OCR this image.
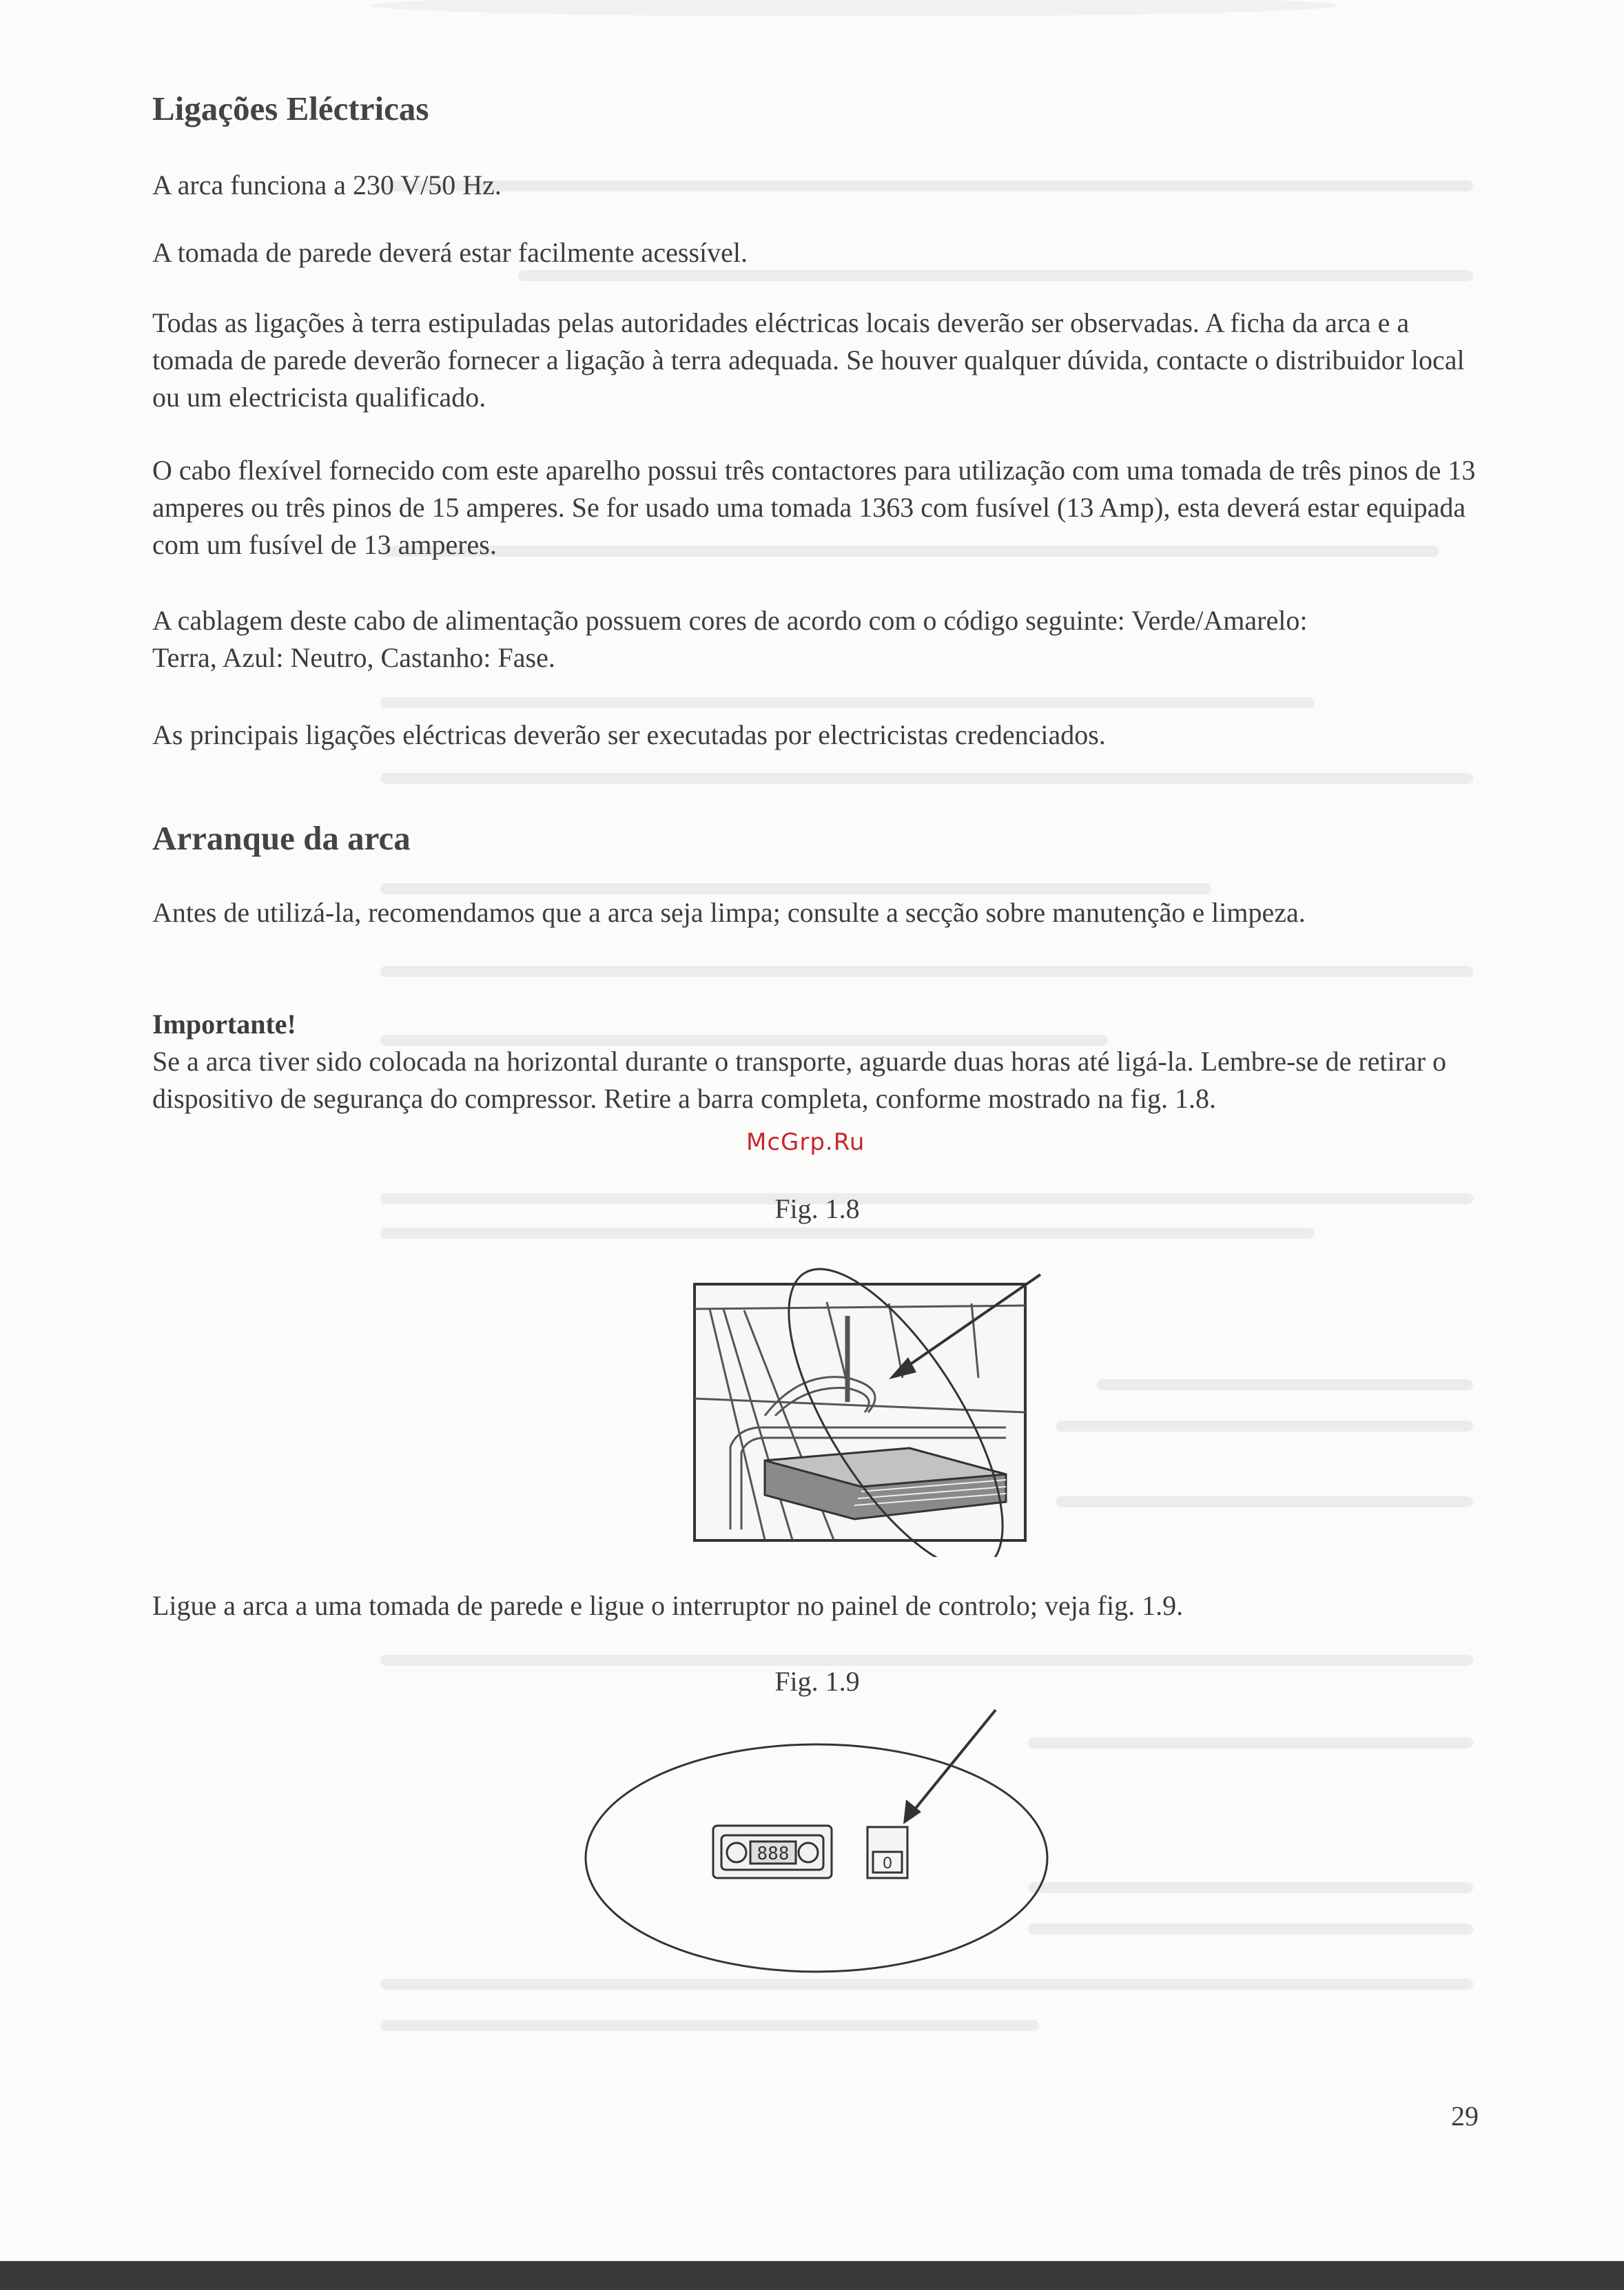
Ligações Eléctricas

A arca funciona a 230 V/50 Hz.

A tomada de parede deverá estar facilmente acessível.

Todas as ligações à terra estipuladas pelas autoridades eléctricas locais deverão ser observadas. A ficha da arca e a tomada de parede deverão fornecer a ligação à terra adequada. Se houver qualquer dúvida, contacte o distribuidor local ou um electricista qualificado.

O cabo flexível fornecido com este aparelho possui três contactores para utilização com uma tomada de três pinos de 13 amperes ou três pinos de 15 amperes. Se for usado uma tomada 1363 com fusível (13 Amp), esta deverá estar equipada com um fusível de 13 amperes.

A cablagem deste cabo de alimentação possuem cores de acordo com o código seguinte: Verde/Amarelo: Terra, Azul: Neutro, Castanho: Fase.

As principais ligações eléctricas deverão ser executadas por electricistas credenciados.

Arranque da arca

Antes de utilizá-la, recomendamos que a arca seja limpa; consulte a secção sobre manutenção e limpeza.

Importante!

Se a arca tiver sido colocada na horizontal durante o transporte, aguarde duas horas até ligá-la. Lembre-se de retirar o dispositivo de segurança do compressor. Retire a barra completa, conforme mostrado na fig. 1.8.

Ligue a arca a uma tomada de parede e ligue o interruptor no painel de controlo; veja fig. 1.9.

McGrp.Ru
Fig. 1.8
Fig. 1.9
888	0
29
